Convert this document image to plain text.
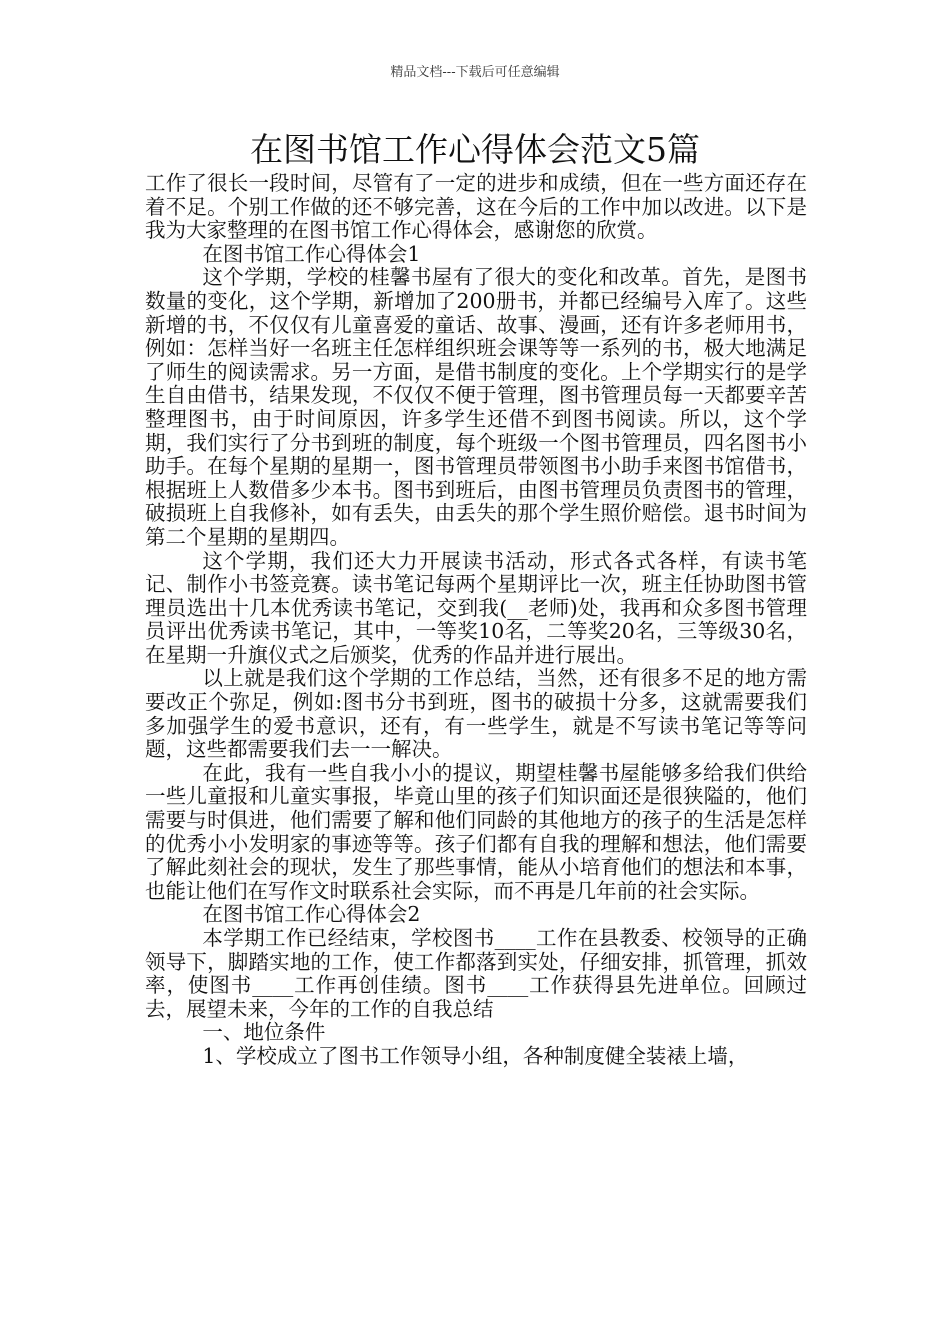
精品文档---下载后可任意编辑
在图书馆工作心得体会范文5篇

工作了很长一段时间，尽管有了一定的进步和成绩，但在一些方面还存在着不足。个别工作做的还不够完善，这在今后的工作中加以改进。以下是我为大家整理的在图书馆工作心得体会，感谢您的欣赏。

在图书馆工作心得体会1

这个学期，学校的桂馨书屋有了很大的变化和改革。首先，是图书数量的变化，这个学期，新增加了200册书，并都已经编号入库了。这些新增的书，不仅仅有儿童喜爱的童话、故事、漫画，还有许多老师用书，例如：怎样当好一名班主任怎样组织班会课等等一系列的书，极大地满足了师生的阅读需求。另一方面，是借书制度的变化。上个学期实行的是学生自由借书，结果发现，不仅仅不便于管理，图书管理员每一天都要辛苦整理图书，由于时间原因，许多学生还借不到图书阅读。所以，这个学期，我们实行了分书到班的制度，每个班级一个图书管理员，四名图书小助手。在每个星期的星期一，图书管理员带领图书小助手来图书馆借书，根据班上人数借多少本书。图书到班后，由图书管理员负责图书的管理，破损班上自我修补，如有丢失，由丢失的那个学生照价赔偿。退书时间为第二个星期的星期四。

这个学期，我们还大力开展读书活动，形式各式各样，有读书笔记、制作小书签竞赛。读书笔记每两个星期评比一次，班主任协助图书管理员选出十几本优秀读书笔记，交到我(__老师)处，我再和众多图书管理员评出优秀读书笔记，其中，一等奖10名，二等奖20名，三等级30名，在星期一升旗仪式之后颁奖，优秀的作品并进行展出。

以上就是我们这个学期的工作总结，当然，还有很多不足的地方需要改正个弥足，例如:图书分书到班，图书的破损十分多，这就需要我们多加强学生的爱书意识，还有，有一些学生，就是不写读书笔记等等问题，这些都需要我们去一一解决。

在此，我有一些自我小小的提议，期望桂馨书屋能够多给我们供给一些儿童报和儿童实事报，毕竟山里的孩子们知识面还是很狭隘的，他们需要与时俱进，他们需要了解和他们同龄的其他地方的孩子的生活是怎样的优秀小小发明家的事迹等等。孩子们都有自我的理解和想法，他们需要了解此刻社会的现状，发生了那些事情，能从小培育他们的想法和本事，也能让他们在写作文时联系社会实际，而不再是几年前的社会实际。

在图书馆工作心得体会2

本学期工作已经结束，学校图书____工作在县教委、校领导的正确领导下，脚踏实地的工作，使工作都落到实处，仔细安排，抓管理，抓效率，使图书____工作再创佳绩。图书____工作获得县先进单位。回顾过去，展望未来，今年的工作的自我总结

一、地位条件

1、学校成立了图书工作领导小组，各种制度健全装裱上墙，
